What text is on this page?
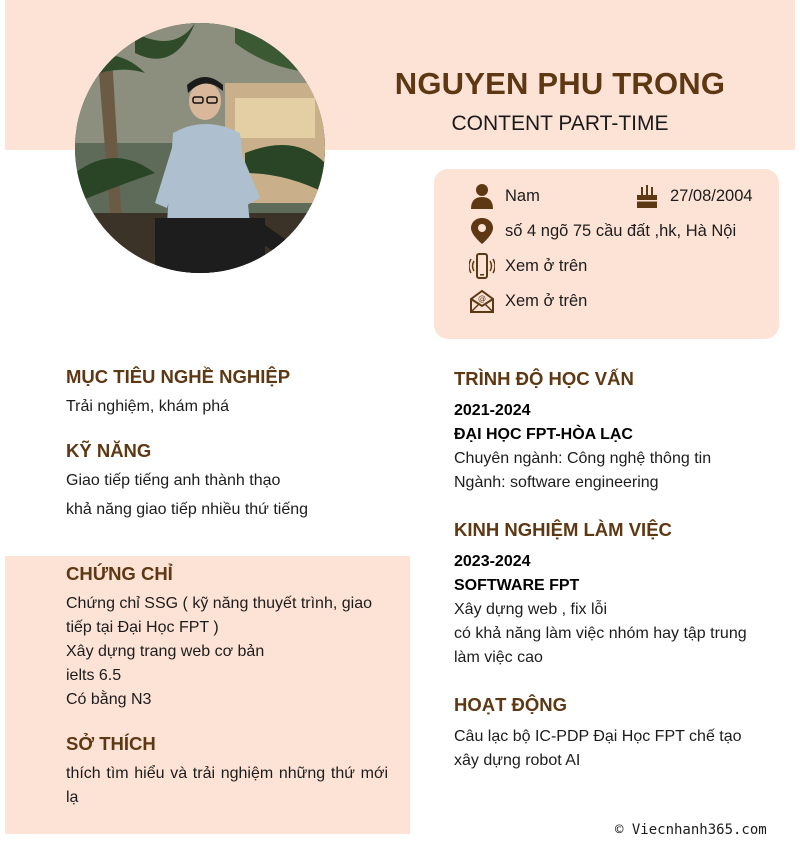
NGUYEN PHU TRONG
CONTENT PART-TIME
Nam	27/08/2004
số 4 ngõ 75 cầu đất ,hk, Hà Nội
Xem ở trên
@ Xem ở trên
MỤC TIÊU NGHỀ NGHIỆP
Trải nghiệm, khám phá
KỸ NĂNG
Giao tiếp tiếng anh thành thạo
khả năng giao tiếp nhiều thứ tiếng
CHỨNG CHỈ
Chứng chỉ SSG ( kỹ năng thuyết trình, giao tiếp tại Đại Học FPT )
Xây dựng trang web cơ bản
ielts 6.5
Có bằng N3
SỞ THÍCH
thích tìm hiểu và trải nghiệm những thứ mới lạ
TRÌNH ĐỘ HỌC VẤN
2021-2024
ĐẠI HỌC FPT-HÒA LẠC
Chuyên ngành: Công nghệ thông tin
Ngành: software engineering
KINH NGHIỆM LÀM VIỆC
2023-2024
SOFTWARE FPT
Xây dựng web , fix lỗi
có khả năng làm việc nhóm hay tập trung làm việc cao
HOẠT ĐỘNG
Câu lạc bộ IC-PDP Đại Học FPT chế tạo xây dựng robot AI
© Viecnhanh365.com
